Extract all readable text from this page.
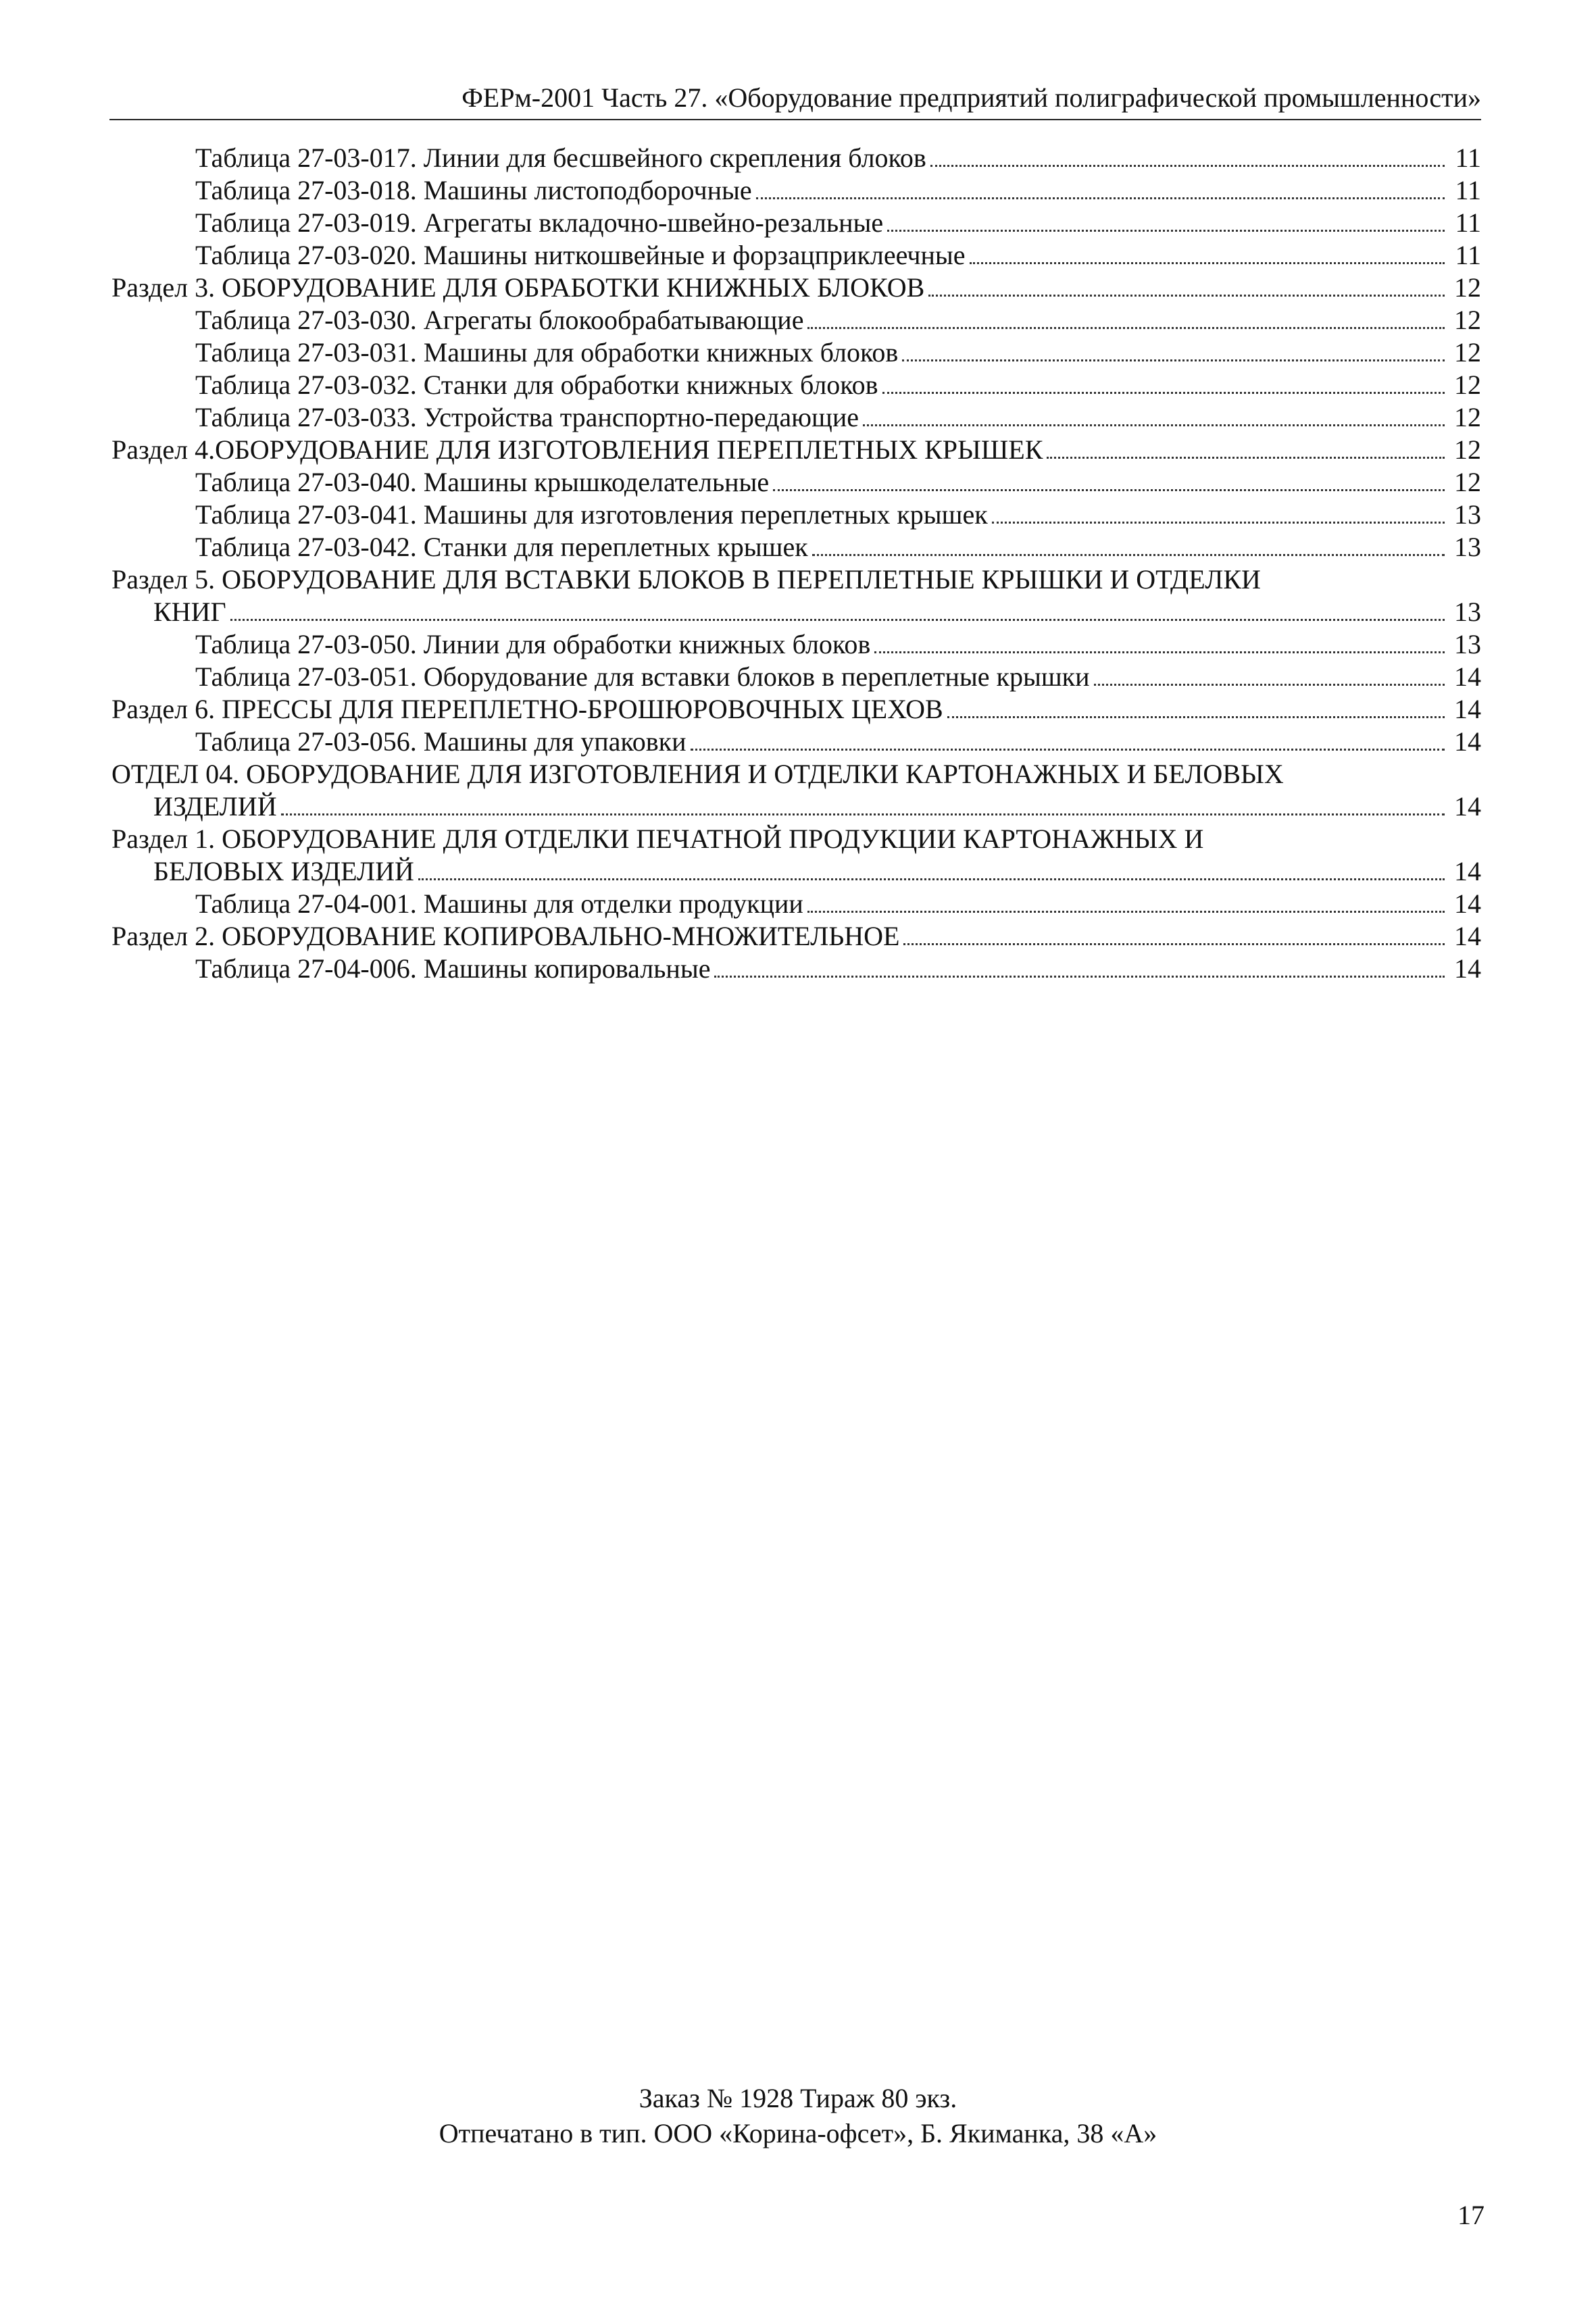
ФЕРм-2001 Часть 27. «Оборудование предприятий полиграфической промышленности»
Таблица 27-03-017. Линии для бесшвейного скрепления блоков	11
Таблица 27-03-018. Машины листоподборочные	11
Таблица 27-03-019. Агрегаты вкладочно-швейно-резальные	11
Таблица 27-03-020. Машины ниткошвейные и форзацприклеечные	11
Раздел 3. ОБОРУДОВАНИЕ ДЛЯ ОБРАБОТКИ КНИЖНЫХ БЛОКОВ	12
Таблица 27-03-030. Агрегаты блокообрабатывающие	12
Таблица 27-03-031. Машины для обработки книжных блоков	12
Таблица 27-03-032. Станки для обработки книжных блоков	12
Таблица 27-03-033. Устройства транспортно-передающие	12
Раздел 4.ОБОРУДОВАНИЕ ДЛЯ ИЗГОТОВЛЕНИЯ ПЕРЕПЛЕТНЫХ КРЫШЕК	12
Таблица 27-03-040. Машины крышкоделательные	12
Таблица 27-03-041. Машины для изготовления переплетных крышек	13
Таблица 27-03-042. Станки для переплетных крышек	13
Раздел 5. ОБОРУДОВАНИЕ ДЛЯ ВСТАВКИ БЛОКОВ В ПЕРЕПЛЕТНЫЕ КРЫШКИ И ОТДЕЛКИ
КНИГ	13
Таблица 27-03-050. Линии для обработки книжных блоков	13
Таблица 27-03-051. Оборудование для вставки блоков в переплетные крышки	14
Раздел 6. ПРЕССЫ ДЛЯ ПЕРЕПЛЕТНО-БРОШЮРОВОЧНЫХ ЦЕХОВ	14
Таблица 27-03-056. Машины для упаковки	14
ОТДЕЛ 04. ОБОРУДОВАНИЕ ДЛЯ ИЗГОТОВЛЕНИЯ И ОТДЕЛКИ КАРТОНАЖНЫХ И БЕЛОВЫХ
ИЗДЕЛИЙ	14
Раздел 1. ОБОРУДОВАНИЕ ДЛЯ ОТДЕЛКИ ПЕЧАТНОЙ ПРОДУКЦИИ КАРТОНАЖНЫХ И
БЕЛОВЫХ ИЗДЕЛИЙ	14
Таблица 27-04-001. Машины для отделки продукции	14
Раздел 2. ОБОРУДОВАНИЕ КОПИРОВАЛЬНО-МНОЖИТЕЛЬНОЕ	14
Таблица 27-04-006. Машины копировальные	14
Заказ № 1928 Тираж 80 экз.
Отпечатано в тип. ООО «Корина-офсет», Б. Якиманка, 38 «А»
17
